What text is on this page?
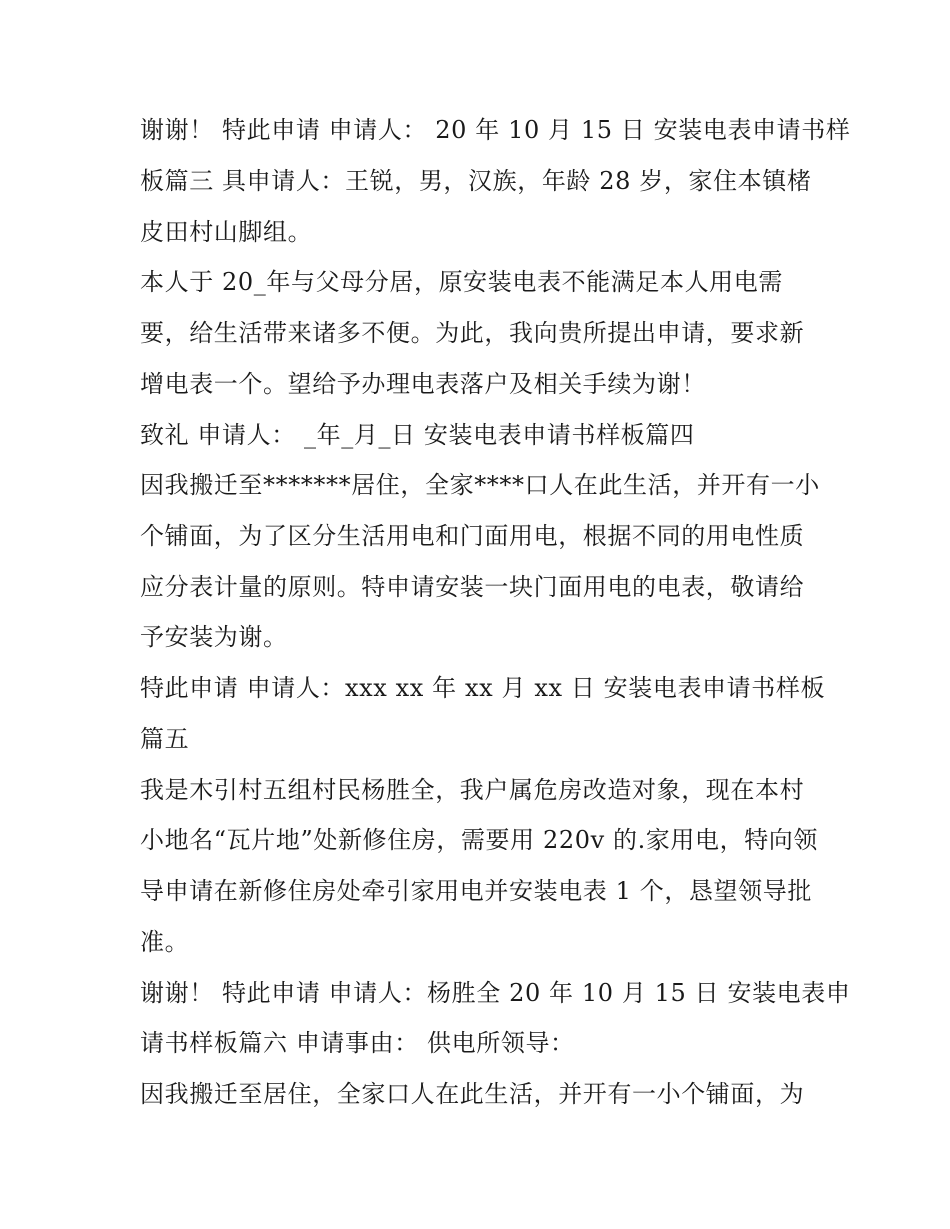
谢谢！ 特此申请 申请人： 20 年 10 月 15 日 安装电表申请书样
板篇三 具申请人：王锐，男，汉族，年龄 28 岁，家住本镇楮
皮田村山脚组。
本人于 20_年与父母分居，原安装电表不能满足本人用电需
要，给生活带来诸多不便。为此，我向贵所提出申请，要求新
增电表一个。望给予办理电表落户及相关手续为谢！
致礼 申请人： _年_月_日 安装电表申请书样板篇四
因我搬迁至*******居住，全家****口人在此生活，并开有一小
个铺面，为了区分生活用电和门面用电，根据不同的用电性质
应分表计量的原则。特申请安装一块门面用电的电表，敬请给
予安装为谢。
特此申请 申请人：xxx xx 年 xx 月 xx 日 安装电表申请书样板
篇五
我是木引村五组村民杨胜全，我户属危房改造对象，现在本村
小地名“瓦片地”处新修住房，需要用 220v 的.家用电，特向领
导申请在新修住房处牵引家用电并安装电表 1 个，恳望领导批
准。
谢谢！ 特此申请 申请人：杨胜全 20 年 10 月 15 日 安装电表申
请书样板篇六 申请事由： 供电所领导：
因我搬迁至居住，全家口人在此生活，并开有一小个铺面，为
